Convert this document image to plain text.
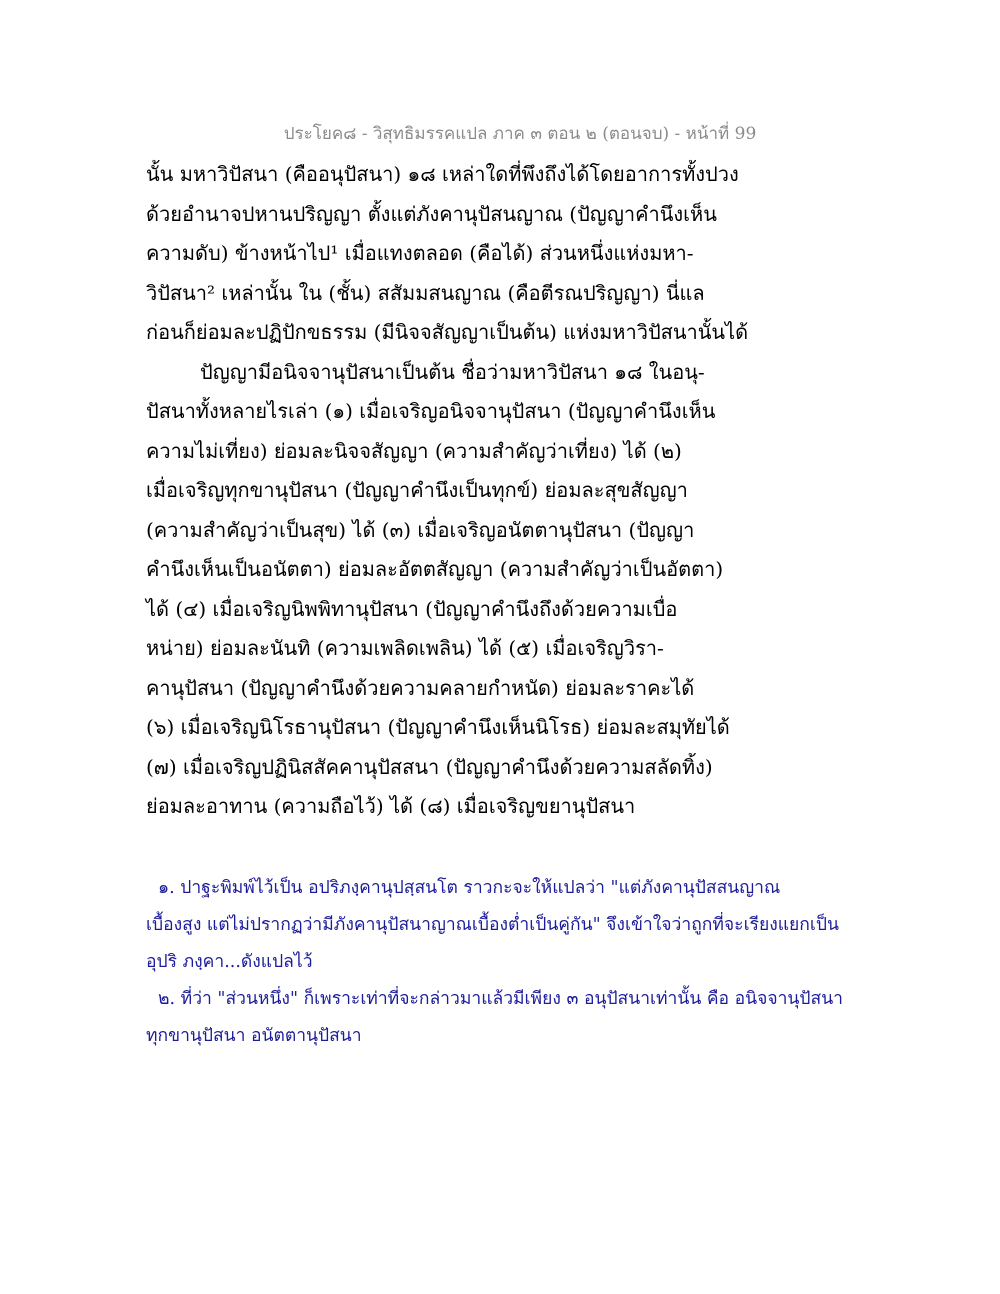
ประโยค๘ - วิสุทธิมรรคแปล ภาค ๓ ตอน ๒ (ตอนจบ) - หน้าที่ 99
นั้น มหาวิปัสนา (คืออนุปัสนา) ๑๘ เหล่าใดที่พึงถึงได้โดยอาการทั้งปวง
ด้วยอำนาจปหานปริญญา ตั้งแต่ภังคานุปัสนญาณ (ปัญญาคำนึงเห็น
ความดับ) ข้างหน้าไป¹ เมื่อแทงตลอด (คือได้) ส่วนหนึ่งแห่งมหา-
วิปัสนา² เหล่านั้น ใน (ชั้น) สสัมมสนญาณ (คือตีรณปริญญา) นี่แล
ก่อนก็ย่อมละปฏิปักขธรรม (มีนิจจสัญญาเป็นต้น) แห่งมหาวิปัสนานั้นได้
ปัญญามีอนิจจานุปัสนาเป็นต้น ชื่อว่ามหาวิปัสนา ๑๘ ในอนุ-
ปัสนาทั้งหลายไรเล่า (๑) เมื่อเจริญอนิจจานุปัสนา (ปัญญาคำนึงเห็น
ความไม่เที่ยง) ย่อมละนิจจสัญญา (ความสำคัญว่าเที่ยง) ได้ (๒)
เมื่อเจริญทุกขานุปัสนา (ปัญญาคำนึงเป็นทุกข์) ย่อมละสุขสัญญา
(ความสำคัญว่าเป็นสุข) ได้ (๓) เมื่อเจริญอนัตตานุปัสนา (ปัญญา
คำนึงเห็นเป็นอนัตตา) ย่อมละอัตตสัญญา (ความสำคัญว่าเป็นอัตตา)
ได้ (๔) เมื่อเจริญนิพพิทานุปัสนา (ปัญญาคำนึงถึงด้วยความเบื่อ
หน่าย) ย่อมละนันทิ (ความเพลิดเพลิน) ได้ (๕) เมื่อเจริญวิรา-
คานุปัสนา (ปัญญาคำนึงด้วยความคลายกำหนัด) ย่อมละราคะได้
(๖) เมื่อเจริญนิโรธานุปัสนา (ปัญญาคำนึงเห็นนิโรธ) ย่อมละสมุทัยได้
(๗) เมื่อเจริญปฏินิสสัคคานุปัสสนา (ปัญญาคำนึงด้วยความสลัดทิ้ง)
ย่อมละอาทาน (ความถือไว้) ได้ (๘) เมื่อเจริญขยานุปัสนา
๑. ปาฐะพิมพ์ไว้เป็น อปริภงฺคานุปสฺสนโต ราวกะจะให้แปลว่า "แต่ภังคานุปัสสนญาณ
เบื้องสูง แต่ไม่ปรากฏว่ามีภังคานุปัสนาญาณเบื้องต่ำเป็นคู่กัน" จึงเข้าใจว่าถูกที่จะเรียงแยกเป็น
อุปริ ภงฺคา...ดังแปลไว้
๒. ที่ว่า "ส่วนหนึ่ง" ก็เพราะเท่าที่จะกล่าวมาแล้วมีเพียง ๓ อนุปัสนาเท่านั้น คือ อนิจจานุปัสนา
ทุกขานุปัสนา อนัตตานุปัสนา
